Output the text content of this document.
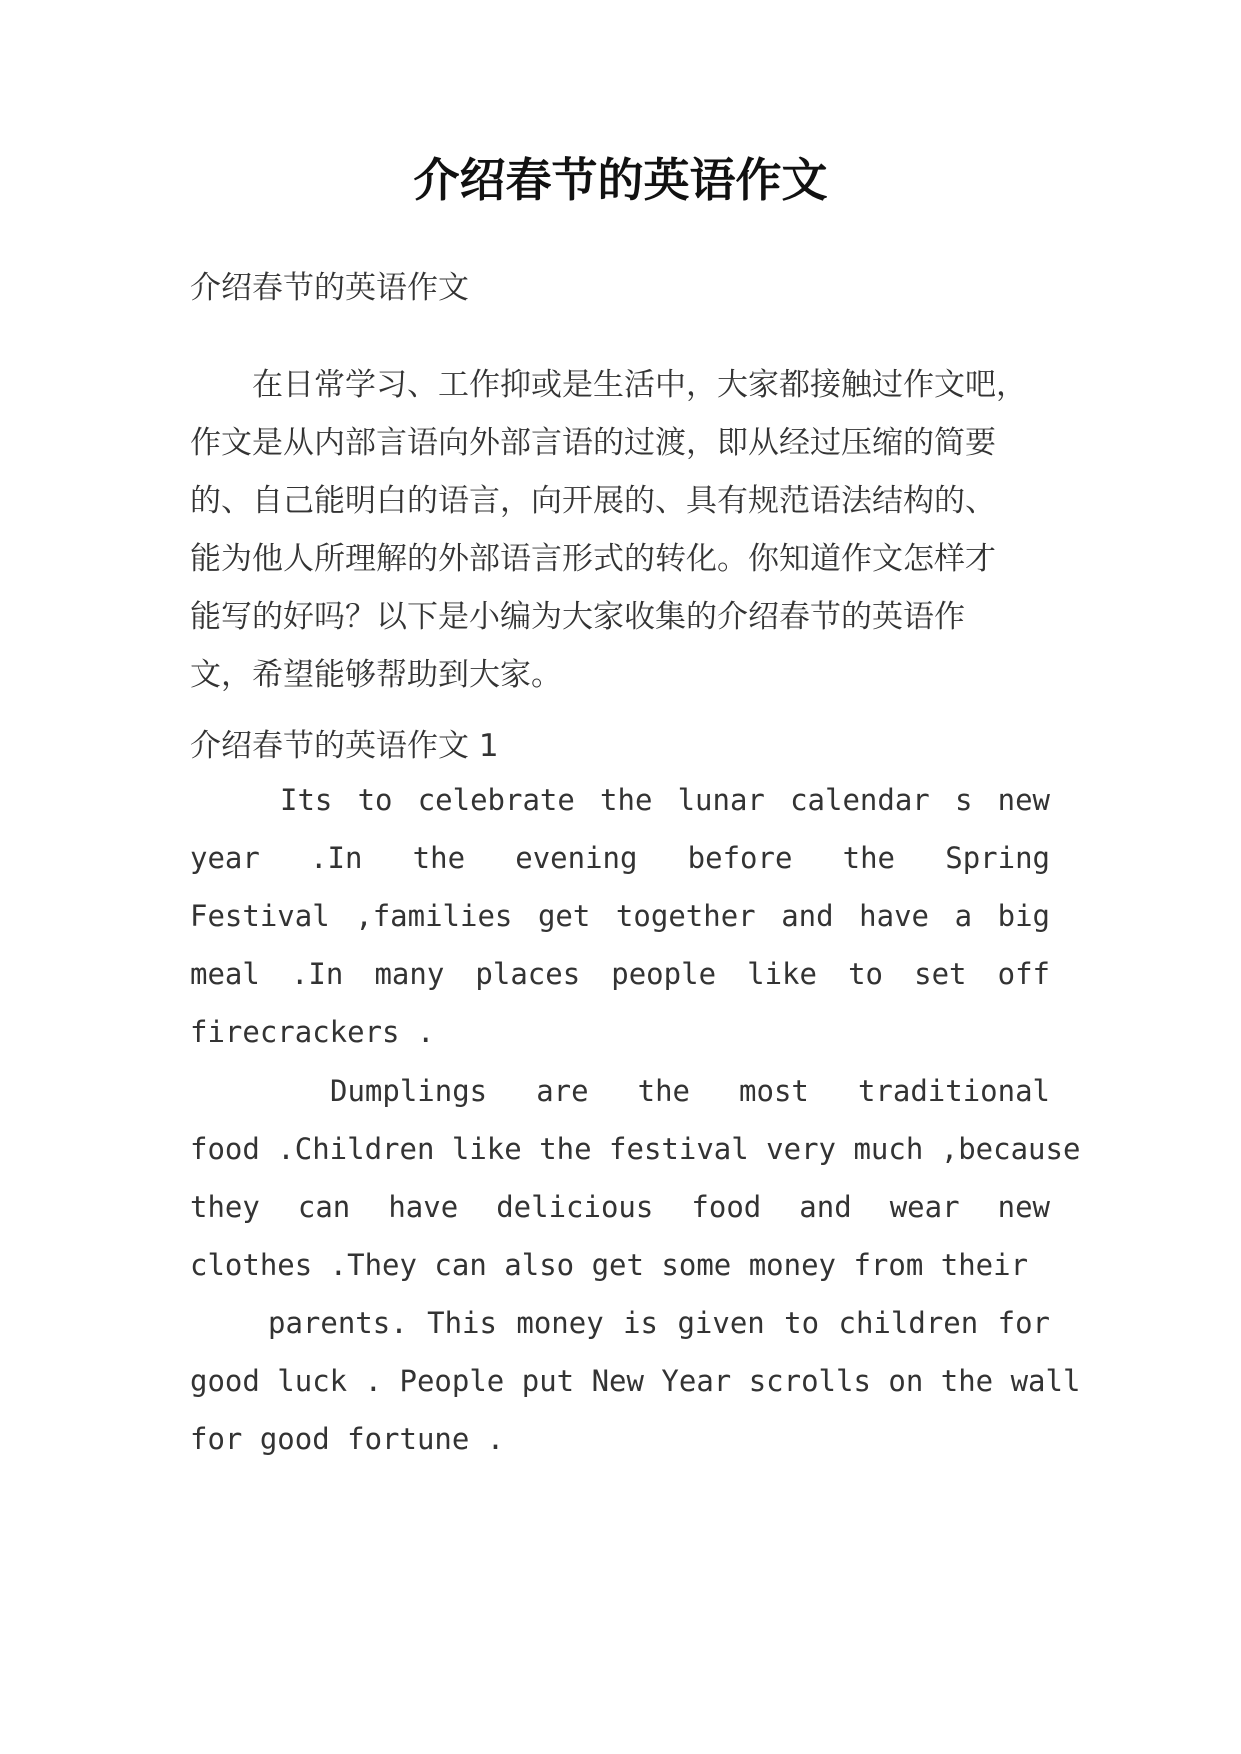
介绍春节的英语作文

介绍春节的英语作文

　　在日常学习、工作抑或是生活中，大家都接触过作文吧，
作文是从内部言语向外部言语的过渡，即从经过压缩的简要
的、自己能明白的语言，向开展的、具有规范语法结构的、
能为他人所理解的外部语言形式的转化。你知道作文怎样才
能写的好吗？以下是小编为大家收集的介绍春节的英语作
文，希望能够帮助到大家。

介绍春节的英语作文 1

Its to celebrate the lunar calendar s new
year .In the evening before the Spring
Festival ,families get together and have a big
meal .In many places people like to set off
firecrackers .
Dumplings are the most traditional
food .Children like the festival very much ,because
they can have delicious food and wear new
clothes .They can also get some money from their
parents. This money is given to children for
good luck . People put New Year scrolls on the wall
for good fortune .
